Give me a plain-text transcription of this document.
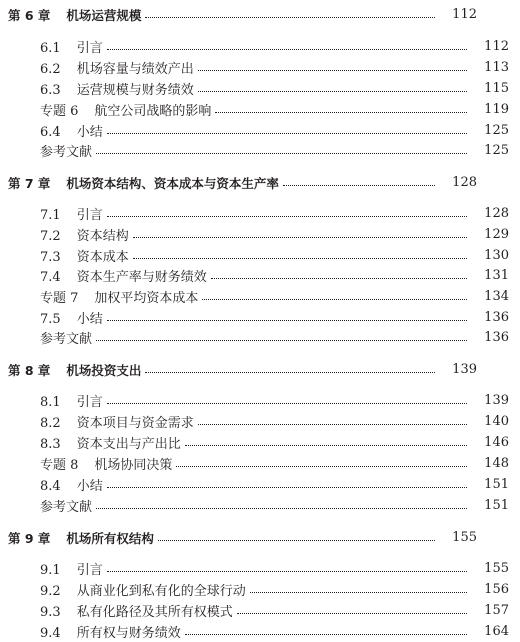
第 6 章 机场运营规模	112
6.1 引言	112
6.2 机场容量与绩效产出	113
6.3 运营规模与财务绩效	115
专题 6 航空公司战略的影响	119
6.4 小结	125
参考文献	125
第 7 章 机场资本结构、资本成本与资本生产率	128
7.1 引言	128
7.2 资本结构	129
7.3 资本成本	130
7.4 资本生产率与财务绩效	131
专题 7 加权平均资本成本	134
7.5 小结	136
参考文献	136
第 8 章 机场投资支出	139
8.1 引言	139
8.2 资本项目与资金需求	140
8.3 资本支出与产出比	146
专题 8 机场协同决策	148
8.4 小结	151
参考文献	151
第 9 章 机场所有权结构	155
9.1 引言	155
9.2 从商业化到私有化的全球行动	156
9.3 私有化路径及其所有权模式	157
9.4 所有权与财务绩效	164
